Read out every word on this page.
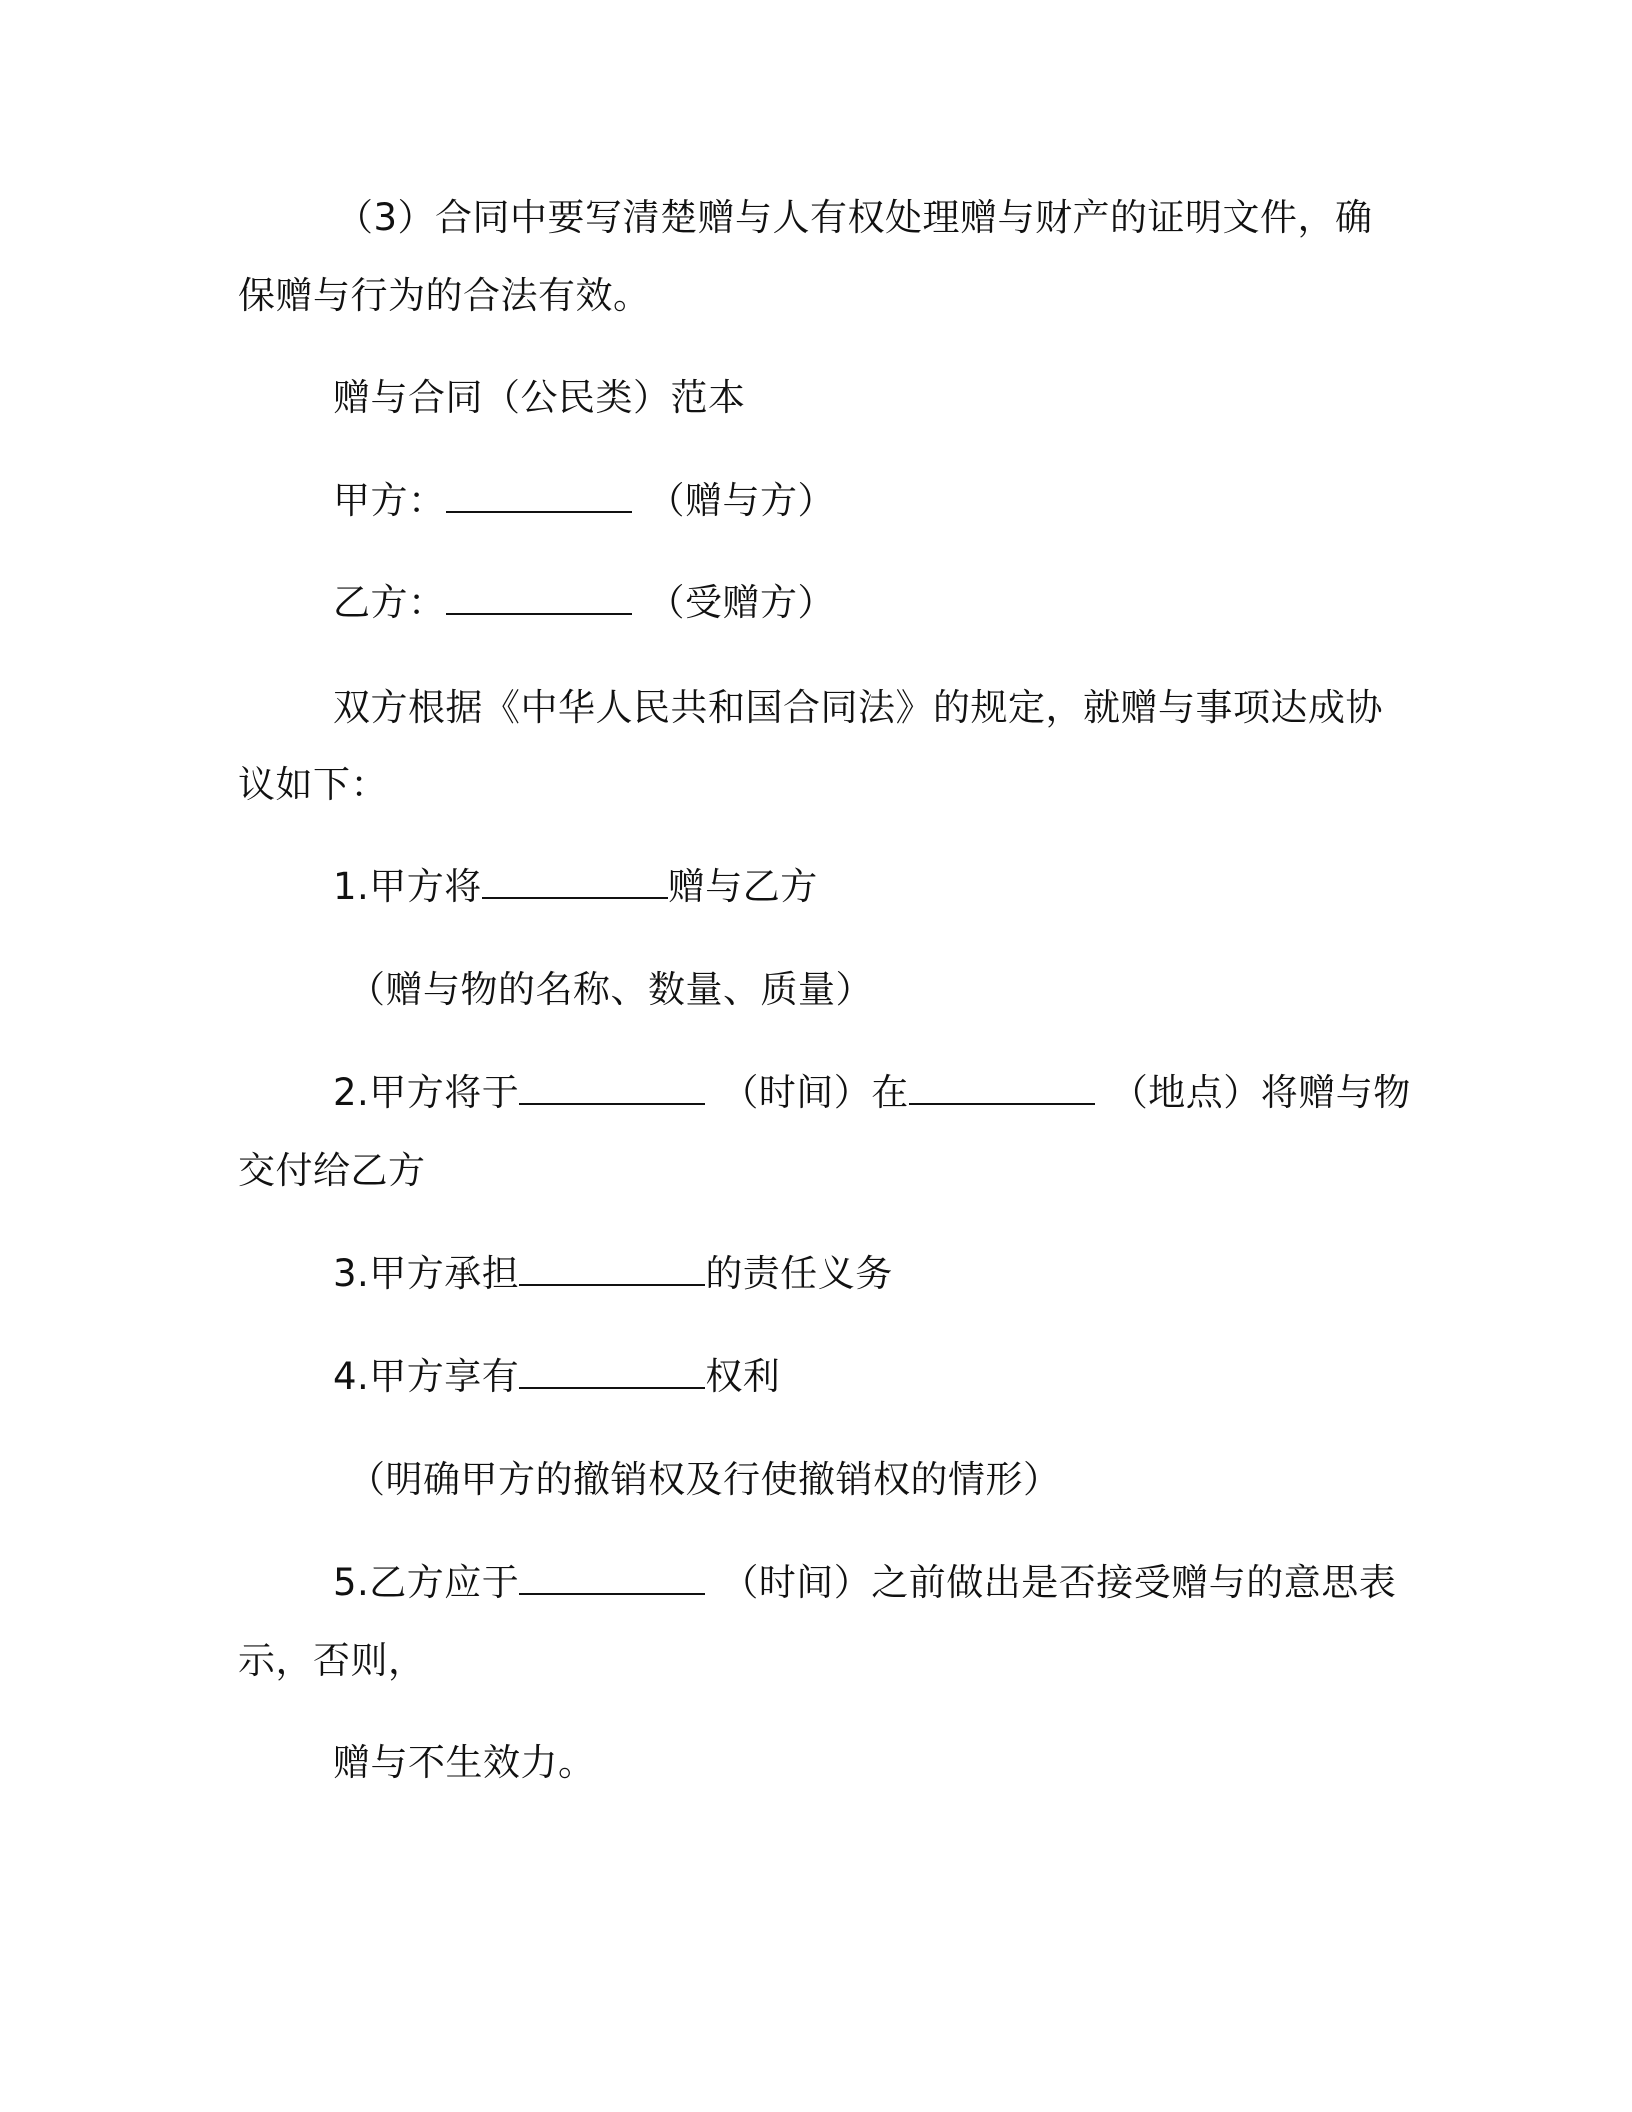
（3）合同中要写清楚赠与人有权处理赠与财产的证明文件，确
保赠与行为的合法有效。
赠与合同（公民类）范本
甲方：	（赠与方）
乙方：	（受赠方）
双方根据《中华人民共和国合同法》的规定，就赠与事项达成协
议如下：
1.甲方将	赠与乙方
（赠与物的名称、数量、质量）
2.甲方将于	（时间）在	（地点）将赠与物
交付给乙方
3.甲方承担	的责任义务
4.甲方享有	权利
（明确甲方的撤销权及行使撤销权的情形）
5.乙方应于	（时间）之前做出是否接受赠与的意思表
示，否则，
赠与不生效力。
